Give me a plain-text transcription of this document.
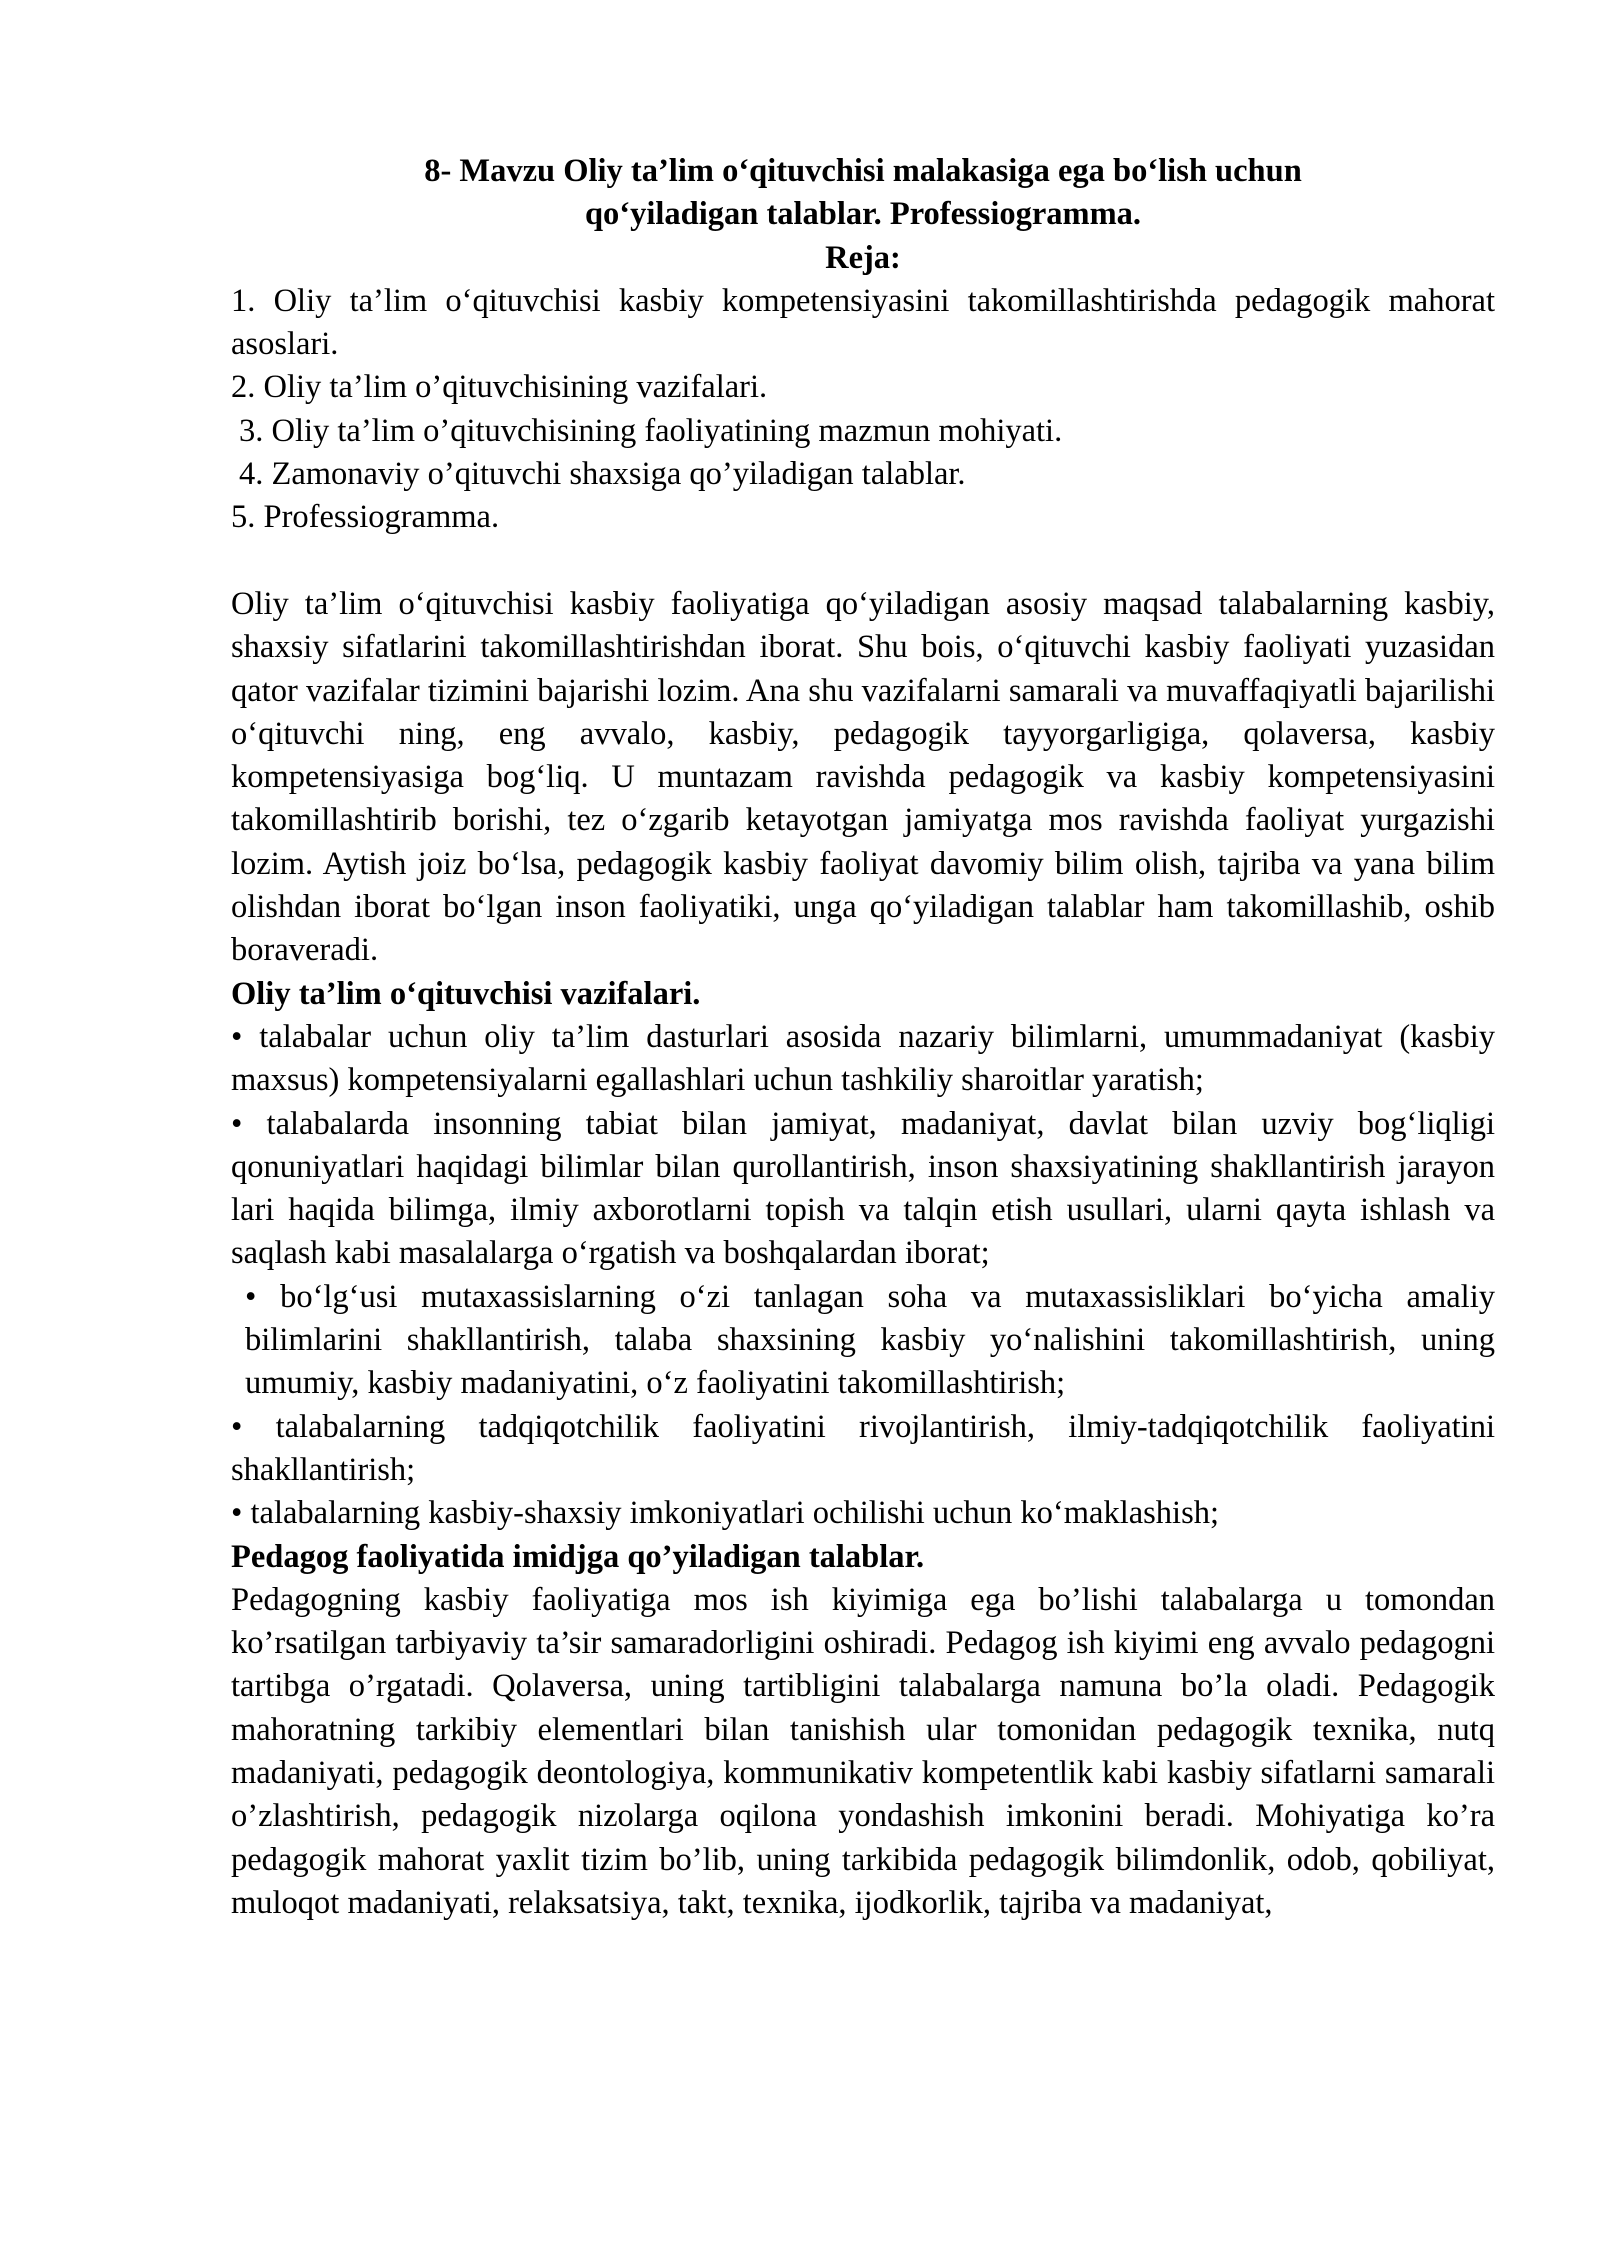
8- Mavzu Oliy ta’lim o‘qituvchisi malakasiga ega bo‘lish uchun
qo‘yiladigan talablar. Professiogramma.
Reja:
1. Oliy ta’lim o‘qituvchisi kasbiy kompetensiyasini takomillashtirishda pedagogik mahorat asoslari.
2. Oliy ta’lim o’qituvchisining vazifalari.
3. Oliy ta’lim o’qituvchisining faoliyatining mazmun mohiyati.
4. Zamonaviy o’qituvchi shaxsiga qo’yiladigan talablar.
5. Professiogramma.

Oliy ta’lim o‘qituvchisi kasbiy faoliyatiga qo‘yiladigan asosiy maqsad talabalarning kasbiy, shaxsiy sifatlarini takomillashtirishdan iborat. Shu bois, o‘qituvchi kasbiy faoliyati yuzasidan qator vazifalar tizimini bajarishi lozim. Ana shu vazifalarni samarali va muvaffaqiyatli bajarilishi o‘qituvchi ning, eng avvalo, kasbiy, pedagogik tayyorgarligiga, qolaversa, kasbiy kompetensiyasiga bog‘liq. U muntazam ravishda pedagogik va kasbiy kompetensiyasini takomillashtirib borishi, tez o‘zgarib ketayotgan jamiyatga mos ravishda faoliyat yurgazishi lozim. Aytish joiz bo‘lsa, pedagogik kasbiy faoliyat davomiy bilim olish, tajriba va yana bilim olishdan iborat bo‘lgan inson faoliyatiki, unga qo‘yiladigan talablar ham takomillashib, oshib boraveradi.

Oliy ta’lim o‘qituvchisi vazifalari.

• talabalar uchun oliy ta’lim dasturlari asosida nazariy bilimlarni, umummadaniyat (kasbiy maxsus) kompetensiyalarni egallashlari uchun tashkiliy sharoitlar yaratish;

• talabalarda insonning tabiat bilan jamiyat, madaniyat, davlat bilan uzviy bog‘liqligi qonuniyatlari haqidagi bilimlar bilan qurollantirish, inson shaxsiyatining shakllantirish jarayon lari haqida bilimga, ilmiy axborotlarni topish va talqin etish usullari, ularni qayta ishlash va saqlash kabi masalalarga o‘rgatish va boshqalardan iborat;

• bo‘lg‘usi mutaxassislarning o‘zi tanlagan soha va mutaxassisliklari bo‘yicha amaliy bilimlarini shakllantirish, talaba shaxsining kasbiy yo‘nalishini takomillashtirish, uning umumiy, kasbiy madaniyatini, o‘z faoliyatini takomillashtirish;

• talabalarning tadqiqotchilik faoliyatini rivojlantirish, ilmiy-tadqiqotchilik faoliyatini shakllantirish;

• talabalarning kasbiy-shaxsiy imkoniyatlari ochilishi uchun ko‘maklashish;

Pedagog faoliyatida imidjga qo’yiladigan talablar.

Pedagogning kasbiy faoliyatiga mos ish kiyimiga ega bo’lishi talabalarga u tomondan ko’rsatilgan tarbiyaviy ta’sir samaradorligini oshiradi. Pedagog ish kiyimi eng avvalo pedagogni tartibga o’rgatadi. Qolaversa, uning tartibligini talabalarga namuna bo’la oladi. Pedagogik mahoratning tarkibiy elementlari bilan tanishish ular tomonidan pedagogik texnika, nutq madaniyati, pedagogik deontologiya, kommunikativ kompetentlik kabi kasbiy sifatlarni samarali o’zlashtirish, pedagogik nizolarga oqilona yondashish imkonini beradi. Mohiyatiga ko’ra pedagogik mahorat yaxlit tizim bo’lib, uning tarkibida pedagogik bilimdonlik, odob, qobiliyat, muloqot madaniyati, relaksatsiya, takt, texnika, ijodkorlik, tajriba va madaniyat,
